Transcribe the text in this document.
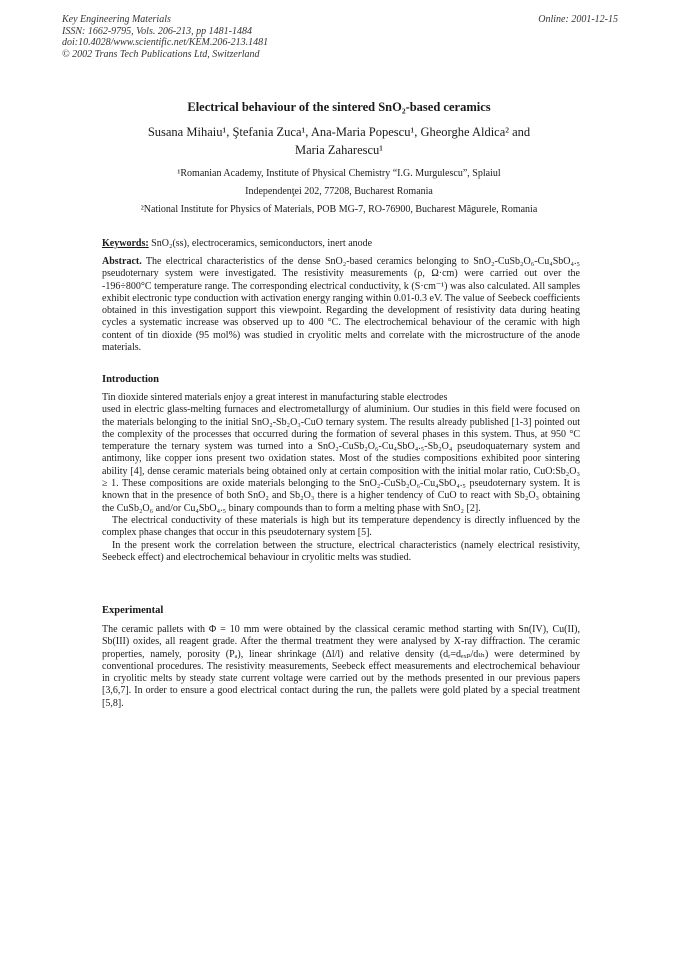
Key Engineering Materials
ISSN: 1662-9795, Vols. 206-213, pp 1481-1484
doi:10.4028/www.scientific.net/KEM.206-213.1481
© 2002 Trans Tech Publications Ltd, Switzerland
Online: 2001-12-15

Electrical behaviour of the sintered SnO₂-based ceramics

Susana Mihaiu¹, Ştefania Zuca¹, Ana-Maria Popescu¹, Gheorghe Aldica² and

Maria Zaharescu¹

¹Romanian Academy, Institute of Physical Chemistry “I.G. Murgulescu”, Splaiul

Independenţei 202, 77208, Bucharest Romania

²National Institute for Physics of Materials, POB MG-7, RO-76900, Bucharest Măgurele, Romania

Keywords: SnO₂(ss), electroceramics, semiconductors, inert anode
Abstract. The electrical characteristics of the dense SnO₂-based ceramics belonging to SnO₂-CuSb₂O₆-Cu₄SbO₄.₅ pseudoternary system were investigated. The resistivity measurements (ρ, Ω·cm) were carried out over the -196÷800°C temperature range. The corresponding electrical conductivity, k (S·cm⁻¹) was also calculated. All samples exhibit electronic type conduction with activation energy ranging within 0.01-0.3 eV. The value of Seebeck coefficients obtained in this investigation support this viewpoint. Regarding the development of resistivity data during heating cycles a systematic increase was observed up to 400 °C. The electrochemical behaviour of the ceramic with high content of tin dioxide (95 mol%) was studied in cryolitic melts and correlate with the microstructure of the anode materials.
Introduction

Tin dioxide sintered materials enjoy a great interest in manufacturing stable electrodes
used in electric glass-melting furnaces and electrometallurgy of aluminium. Our studies in this field were focused on the materials belonging to the initial SnO₂-Sb₂O₃-CuO ternary system. The results already published [1-3] pointed out the complexity of the processes that occurred during the formation of several phases in this system. Thus, at 950 °C temperature the ternary system was turned into a SnO₂-CuSb₂O₆-Cu₄SbO₄.₅-Sb₂O₄ pseudoquaternary system and antimony, like copper ions present two oxidation states. Most of the studies compositions exhibited poor sintering ability [4], dense ceramic materials being obtained only at certain composition with the initial molar ratio, CuO:Sb₂O₃ ≥ 1. These compositions are oxide materials belonging to the SnO₂-CuSb₂O₆-Cu₄SbO₄.₅ pseudoternary system. It is known that in the presence of both SnO₂ and Sb₂O₃ there is a higher tendency of CuO to react with Sb₂O₃ obtaining the CuSb₂O₆ and/or Cu₄SbO₄.₅ binary compounds than to form a melting phase with SnO₂ [2].

The electrical conductivity of these materials is high but its temperature dependency is directly influenced by the complex phase changes that occur in this pseudoternary system [5].

In the present work the correlation between the structure, electrical characteristics (namely electrical resistivity, Seebeck effect) and electrochemical behaviour in cryolitic melts was studied.

Experimental
The ceramic pallets with Φ = 10 mm were obtained by the classical ceramic method starting with Sn(IV), Cu(II), Sb(III) oxides, all reagent grade. After the thermal treatment they were analysed by X-ray diffraction. The ceramic properties, namely, porosity (Pₐ), linear shrinkage (Δl/l) and relative density (dᵣ=dₑₓₚ/dₜₕ) were determined by conventional procedures. The resistivity measurements, Seebeck effect measurements and electrochemical behaviour in cryolitic melts by steady state current voltage were carried out by the methods presented in our previous papers [3,6,7]. In order to ensure a good electrical contact during the run, the pallets were gold plated by a special treatment [5,8].
